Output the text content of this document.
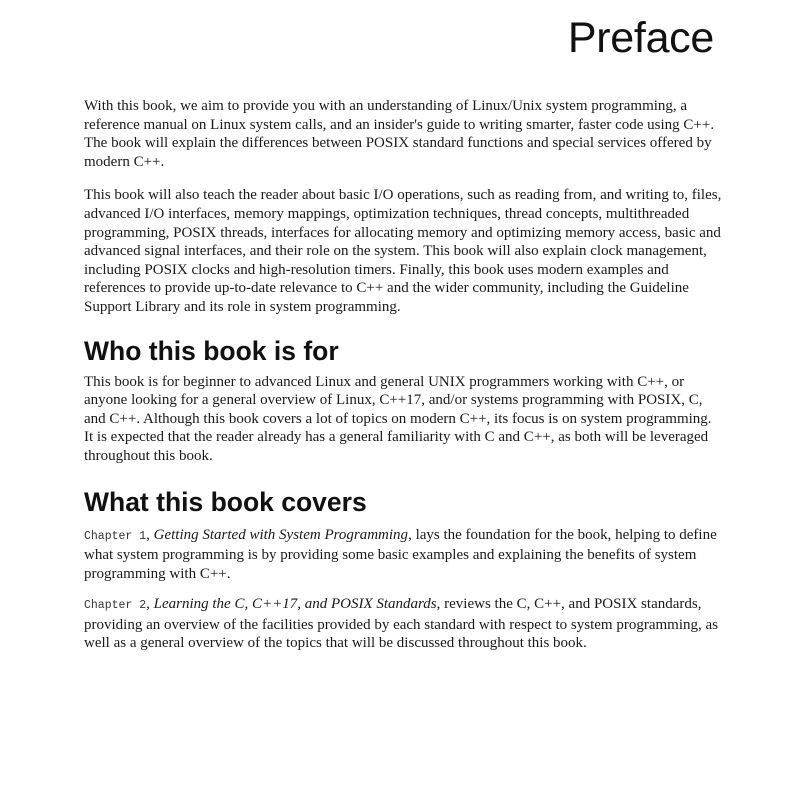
Preface

With this book, we aim to provide you with an understanding of Linux/Unix system programming, a reference manual on Linux system calls, and an insider's guide to writing smarter, faster code using C++. The book will explain the differences between POSIX standard functions and special services offered by modern C++.

This book will also teach the reader about basic I/O operations, such as reading from, and writing to, files, advanced I/O interfaces, memory mappings, optimization techniques, thread concepts, multithreaded programming, POSIX threads, interfaces for allocating memory and optimizing memory access, basic and advanced signal interfaces, and their role on the system. This book will also explain clock management, including POSIX clocks and high-resolution timers. Finally, this book uses modern examples and references to provide up-to-date relevance to C++ and the wider community, including the Guideline Support Library and its role in system programming.

Who this book is for

This book is for beginner to advanced Linux and general UNIX programmers working with C++, or anyone looking for a general overview of Linux, C++17, and/or systems programming with POSIX, C, and C++. Although this book covers a lot of topics on modern C++, its focus is on system programming. It is expected that the reader already has a general familiarity with C and C++, as both will be leveraged throughout this book.

What this book covers

Chapter 1, Getting Started with System Programming, lays the foundation for the book, helping to define what system programming is by providing some basic examples and explaining the benefits of system programming with C++.

Chapter 2, Learning the C, C++17, and POSIX Standards, reviews the C, C++, and POSIX standards, providing an overview of the facilities provided by each standard with respect to system programming, as well as a general overview of the topics that will be discussed throughout this book.
